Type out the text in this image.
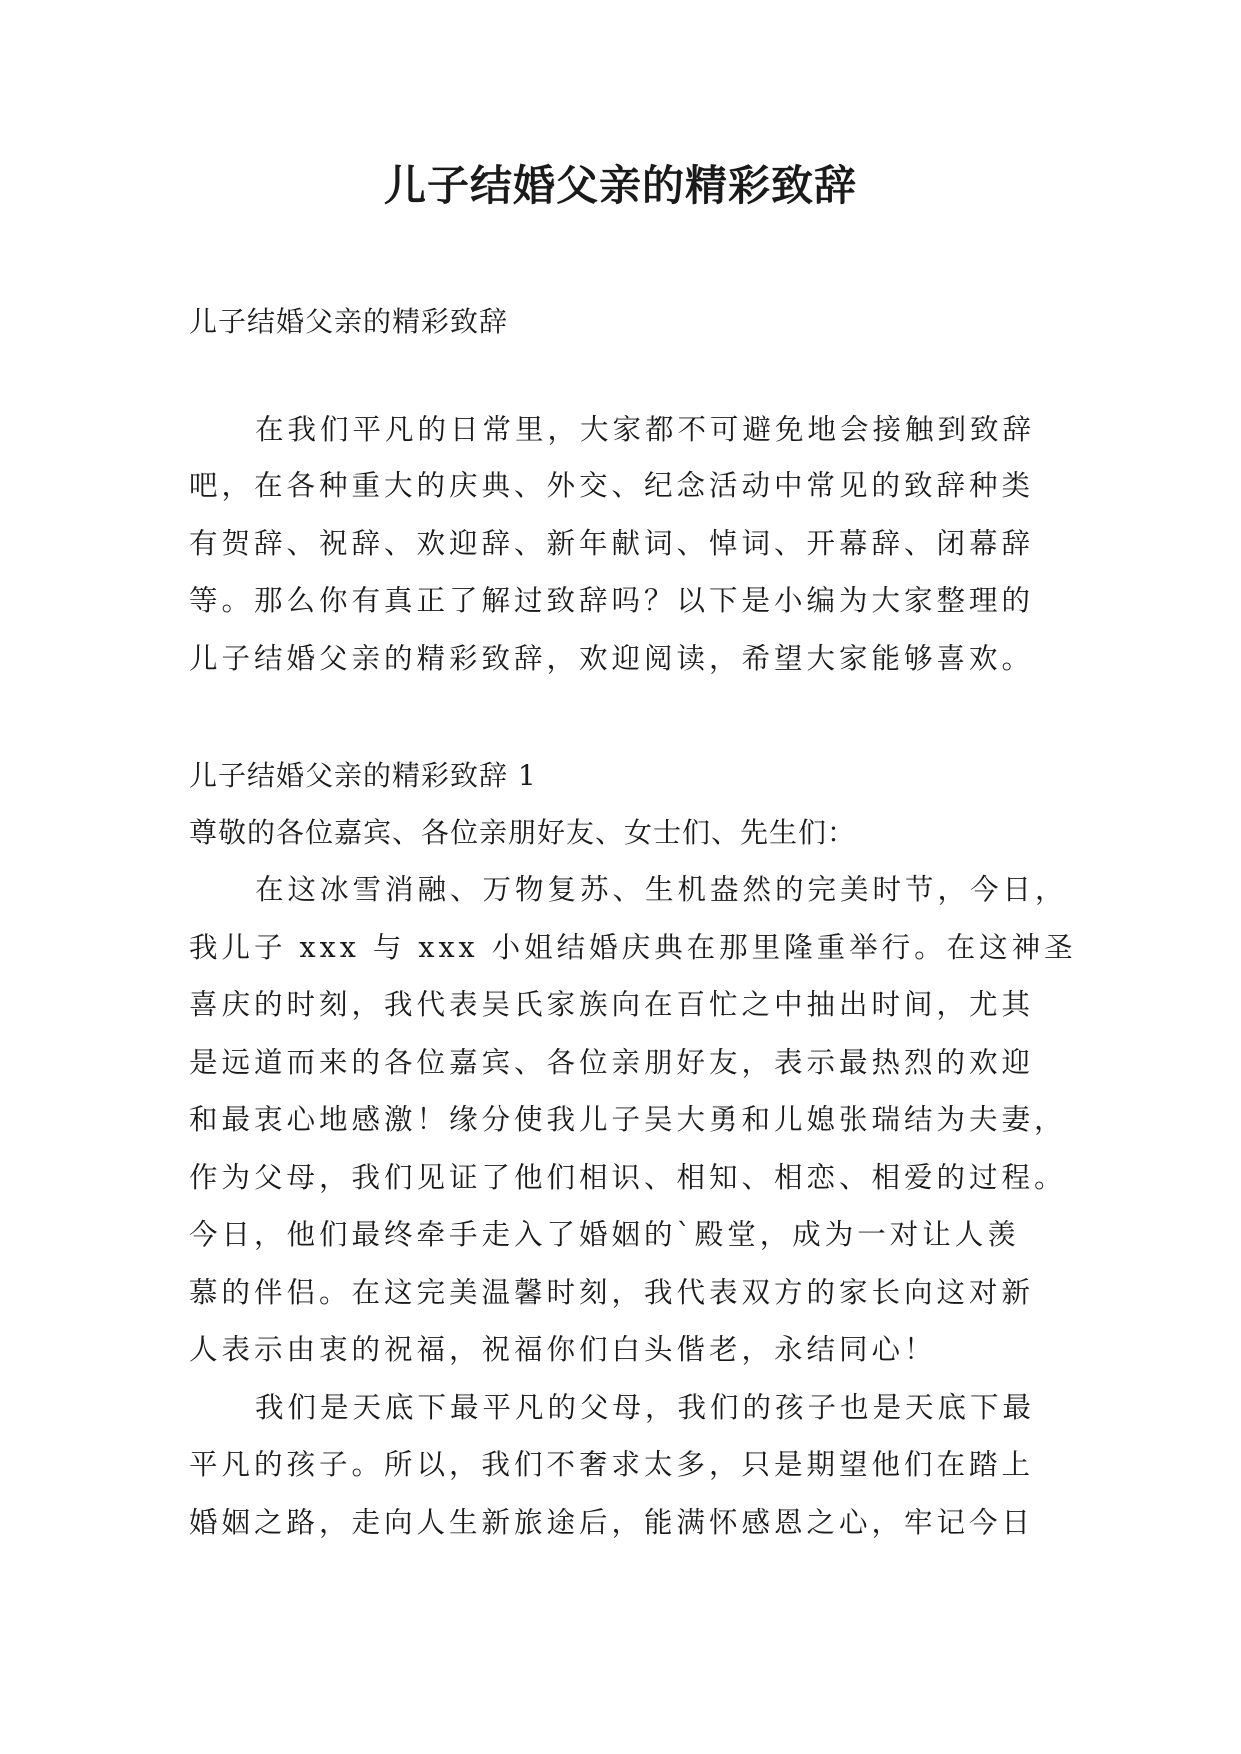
儿子结婚父亲的精彩致辞
儿子结婚父亲的精彩致辞
在我们平凡的日常里，大家都不可避免地会接触到致辞
吧，在各种重大的庆典、外交、纪念活动中常见的致辞种类
有贺辞、祝辞、欢迎辞、新年献词、悼词、开幕辞、闭幕辞
等。那么你有真正了解过致辞吗？以下是小编为大家整理的
儿子结婚父亲的精彩致辞，欢迎阅读，希望大家能够喜欢。
儿子结婚父亲的精彩致辞 1
尊敬的各位嘉宾、各位亲朋好友、女士们、先生们：
在这冰雪消融、万物复苏、生机盎然的完美时节，今日，
我儿子 xxx 与 xxx 小姐结婚庆典在那里隆重举行。在这神圣
喜庆的时刻，我代表吴氏家族向在百忙之中抽出时间，尤其
是远道而来的各位嘉宾、各位亲朋好友，表示最热烈的欢迎
和最衷心地感激！缘分使我儿子吴大勇和儿媳张瑞结为夫妻，
作为父母，我们见证了他们相识、相知、相恋、相爱的过程。
今日，他们最终牵手走入了婚姻的`殿堂，成为一对让人羡
慕的伴侣。在这完美温馨时刻，我代表双方的家长向这对新
人表示由衷的祝福，祝福你们白头偕老，永结同心！
我们是天底下最平凡的父母，我们的孩子也是天底下最
平凡的孩子。所以，我们不奢求太多，只是期望他们在踏上
婚姻之路，走向人生新旅途后，能满怀感恩之心，牢记今日
